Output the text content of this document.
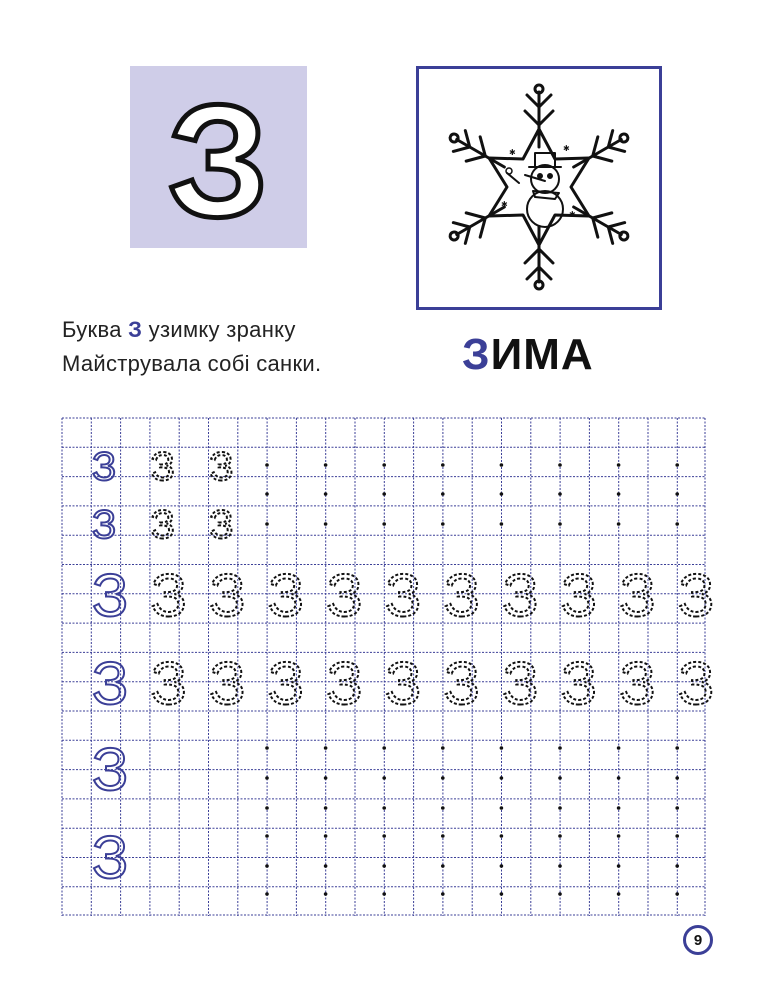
З	✱	✱
✱
✱
Буква З узимку зранку
Майструвала собі санки.	ЗИМА
З З З
З З З
З З З З З З З З З З З
З З З З З З З З З З З
З
З
9
